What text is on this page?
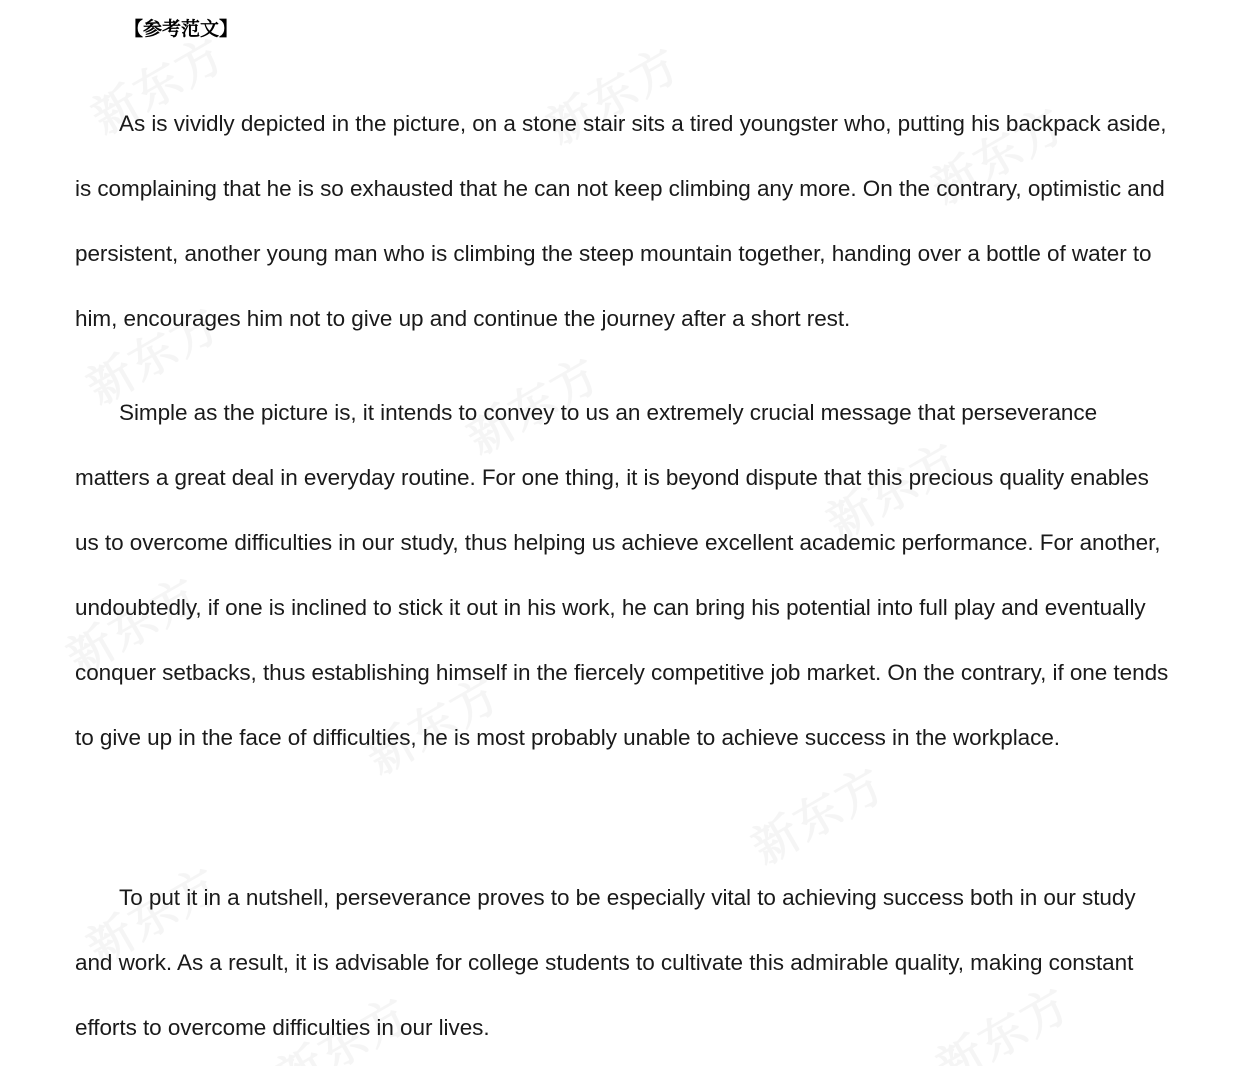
【参考范文】

As is vividly depicted in the picture, on a stone stair sits a tired youngster who, putting his backpack aside, is complaining that he is so exhausted that he can not keep climbing any more. On the contrary, optimistic and persistent, another young man who is climbing the steep mountain together, handing over a bottle of water to him, encourages him not to give up and continue the journey after a short rest.

Simple as the picture is, it intends to convey to us an extremely crucial message that perseverance matters a great deal in everyday routine. For one thing, it is beyond dispute that this precious quality enables us to overcome difficulties in our study, thus helping us achieve excellent academic performance. For another, undoubtedly, if one is inclined to stick it out in his work, he can bring his potential into full play and eventually conquer setbacks, thus establishing himself in the fiercely competitive job market. On the contrary, if one tends to give up in the face of difficulties, he is most probably unable to achieve success in the workplace.

To put it in a nutshell, perseverance proves to be especially vital to achieving success both in our study and work. As a result, it is advisable for college students to cultivate this admirable quality, making constant efforts to overcome difficulties in our lives.
